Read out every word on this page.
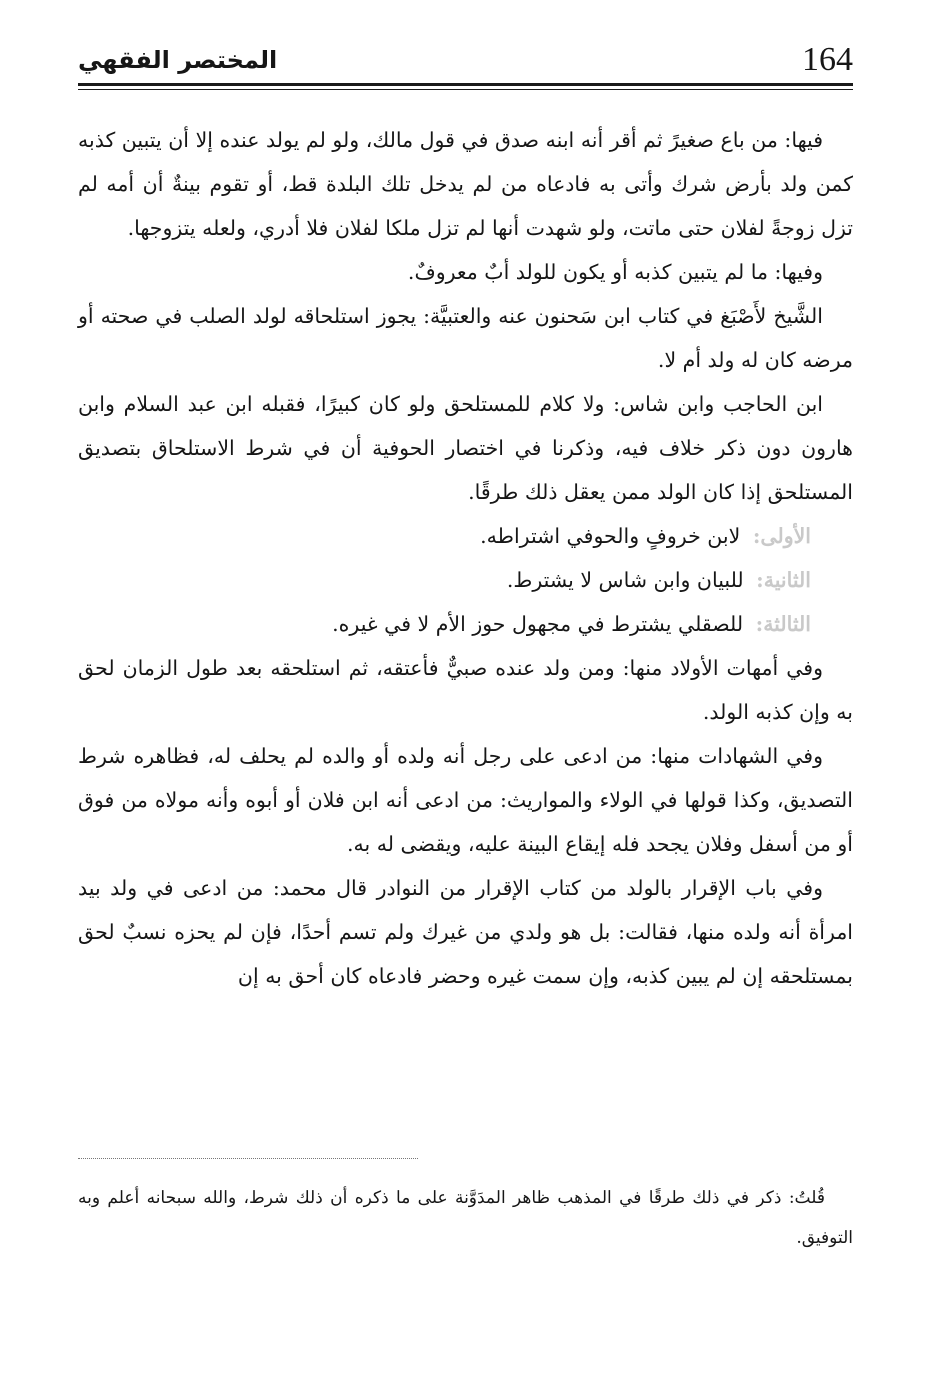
164
المختصر الفقهي

فيها: من باع صغيرً ثم أقر أنه ابنه صدق في قول مالك، ولو لم يولد عنده إلا أن يتبين كذبه كمن ولد بأرض شرك وأتى به فادعاه من لم يدخل تلك البلدة قط، أو تقوم بينةٌ أن أمه لم تزل زوجةً لفلان حتى ماتت، ولو شهدت أنها لم تزل ملكا لفلان فلا أدري، ولعله يتزوجها.

وفيها: ما لم يتبين كذبه أو يكون للولد أبٌ معروفٌ.

الشَّيخ لأَصْبَغ في كتاب ابن سَحنون عنه والعتبيَّة: يجوز استلحاقه لولد الصلب في صحته أو مرضه كان له ولد أم لا.

ابن الحاجب وابن شاس: ولا كلام للمستلحق ولو كان كبيرًا، فقبله ابن عبد السلام وابن هارون دون ذكر خلاف فيه، وذكرنا في اختصار الحوفية أن في شرط الاستلحاق بتصديق المستلحق إذا كان الولد ممن يعقل ذلك طرقًا.

الأولى: لابن خروفٍ والحوفي اشتراطه.

الثانية: للبيان وابن شاس لا يشترط.

الثالثة: للصقلي يشترط في مجهول حوز الأم لا في غيره.

وفي أمهات الأولاد منها: ومن ولد عنده صبيٌّ فأعتقه، ثم استلحقه بعد طول الزمان لحق به وإن كذبه الولد.

وفي الشهادات منها: من ادعى على رجل أنه ولده أو والده لم يحلف له، فظاهره شرط التصديق، وكذا قولها في الولاء والمواريث: من ادعى أنه ابن فلان أو أبوه وأنه مولاه من فوق أو من أسفل وفلان يجحد فله إيقاع البينة عليه، ويقضى له به.

وفي باب الإقرار بالولد من كتاب الإقرار من النوادر قال محمد: من ادعى في ولد بيد امرأة أنه ولده منها، فقالت: بل هو ولدي من غيرك ولم تسم أحدًا، فإن لم يحزه نسبٌ لحق بمستلحقه إن لم يبين كذبه، وإن سمت غيره وحضر فادعاه كان أحق به إن

قُلتُ: ذكر في ذلك طرقًا في المذهب ظاهر المدَوَّنة على ما ذكره أن ذلك شرط، والله سبحانه أعلم وبه التوفيق.
